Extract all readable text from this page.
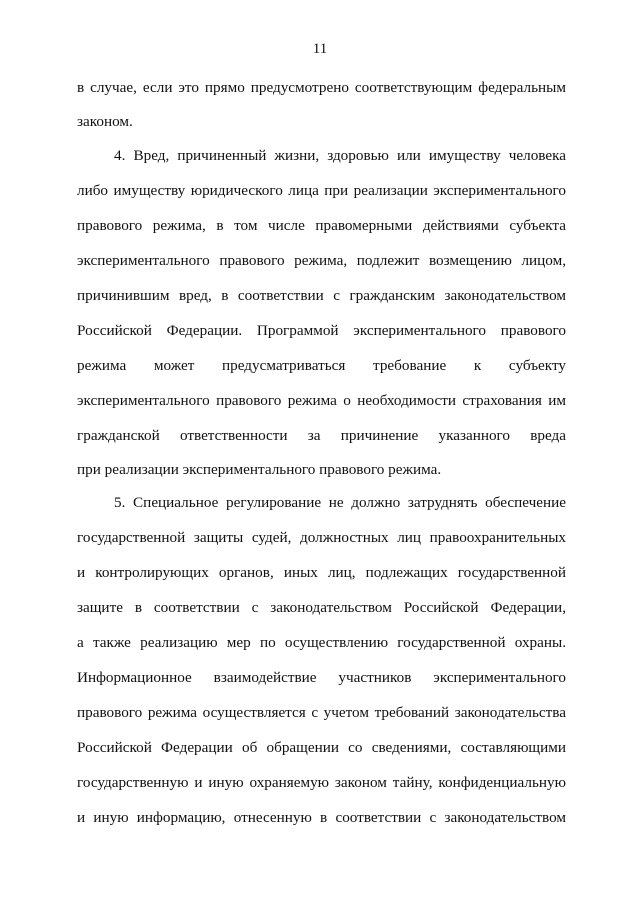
11
в случае, если это прямо предусмотрено соответствующим федеральным
законом.
4. Вред, причиненный жизни, здоровью или имуществу человека
либо имуществу юридического лица при реализации экспериментального
правового режима, в том числе правомерными действиями субъекта
экспериментального правового режима, подлежит возмещению лицом,
причинившим вред, в соответствии с гражданским законодательством
Российской Федерации. Программой экспериментального правового
режима может предусматриваться требование к субъекту
экспериментального правового режима о необходимости страхования им
гражданской ответственности за причинение указанного вреда
при реализации экспериментального правового режима.
5. Специальное регулирование не должно затруднять обеспечение
государственной защиты судей, должностных лиц правоохранительных
и контролирующих органов, иных лиц, подлежащих государственной
защите в соответствии с законодательством Российской Федерации,
а также реализацию мер по осуществлению государственной охраны.
Информационное взаимодействие участников экспериментального
правового режима осуществляется с учетом требований законодательства
Российской Федерации об обращении со сведениями, составляющими
государственную и иную охраняемую законом тайну, конфиденциальную
и иную информацию, отнесенную в соответствии с законодательством
